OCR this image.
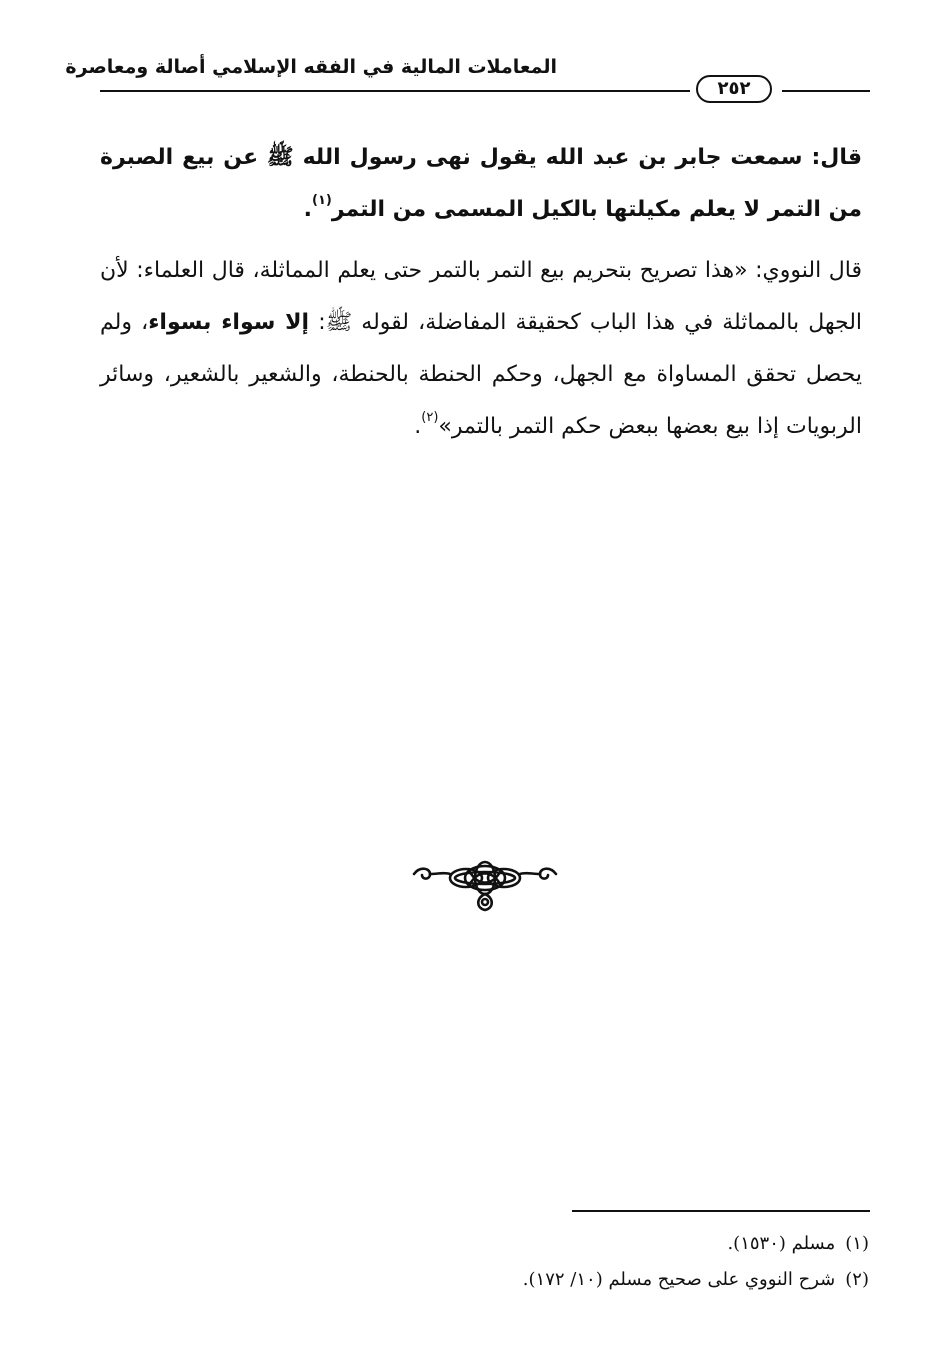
المعاملات المالية في الفقه الإسلامي أصالة ومعاصرة
٢٥٢
قال: سمعت جابر بن عبد الله يقول نهى رسول الله ﷺ عن بيع الصبرة من التمر لا يعلم مكيلتها بالكيل المسمى من التمر$^{(١)}$.
قال النووي: «هذا تصريح بتحريم بيع التمر بالتمر حتى يعلم المماثلة، قال العلماء: لأن الجهل بالمماثلة في هذا الباب كحقيقة المفاضلة، لقوله ﷺ: إلا سواء بسواء، ولم يحصل تحقق المساواة مع الجهل، وحكم الحنطة بالحنطة، والشعير بالشعير، وسائر الربويات إذا بيع بعضها ببعض حكم التمر بالتمر»$^{(٢)}$.
(١)مسلم (١٥٣٠).
(٢)شرح النووي على صحيح مسلم (١٠/ ١٧٢).
